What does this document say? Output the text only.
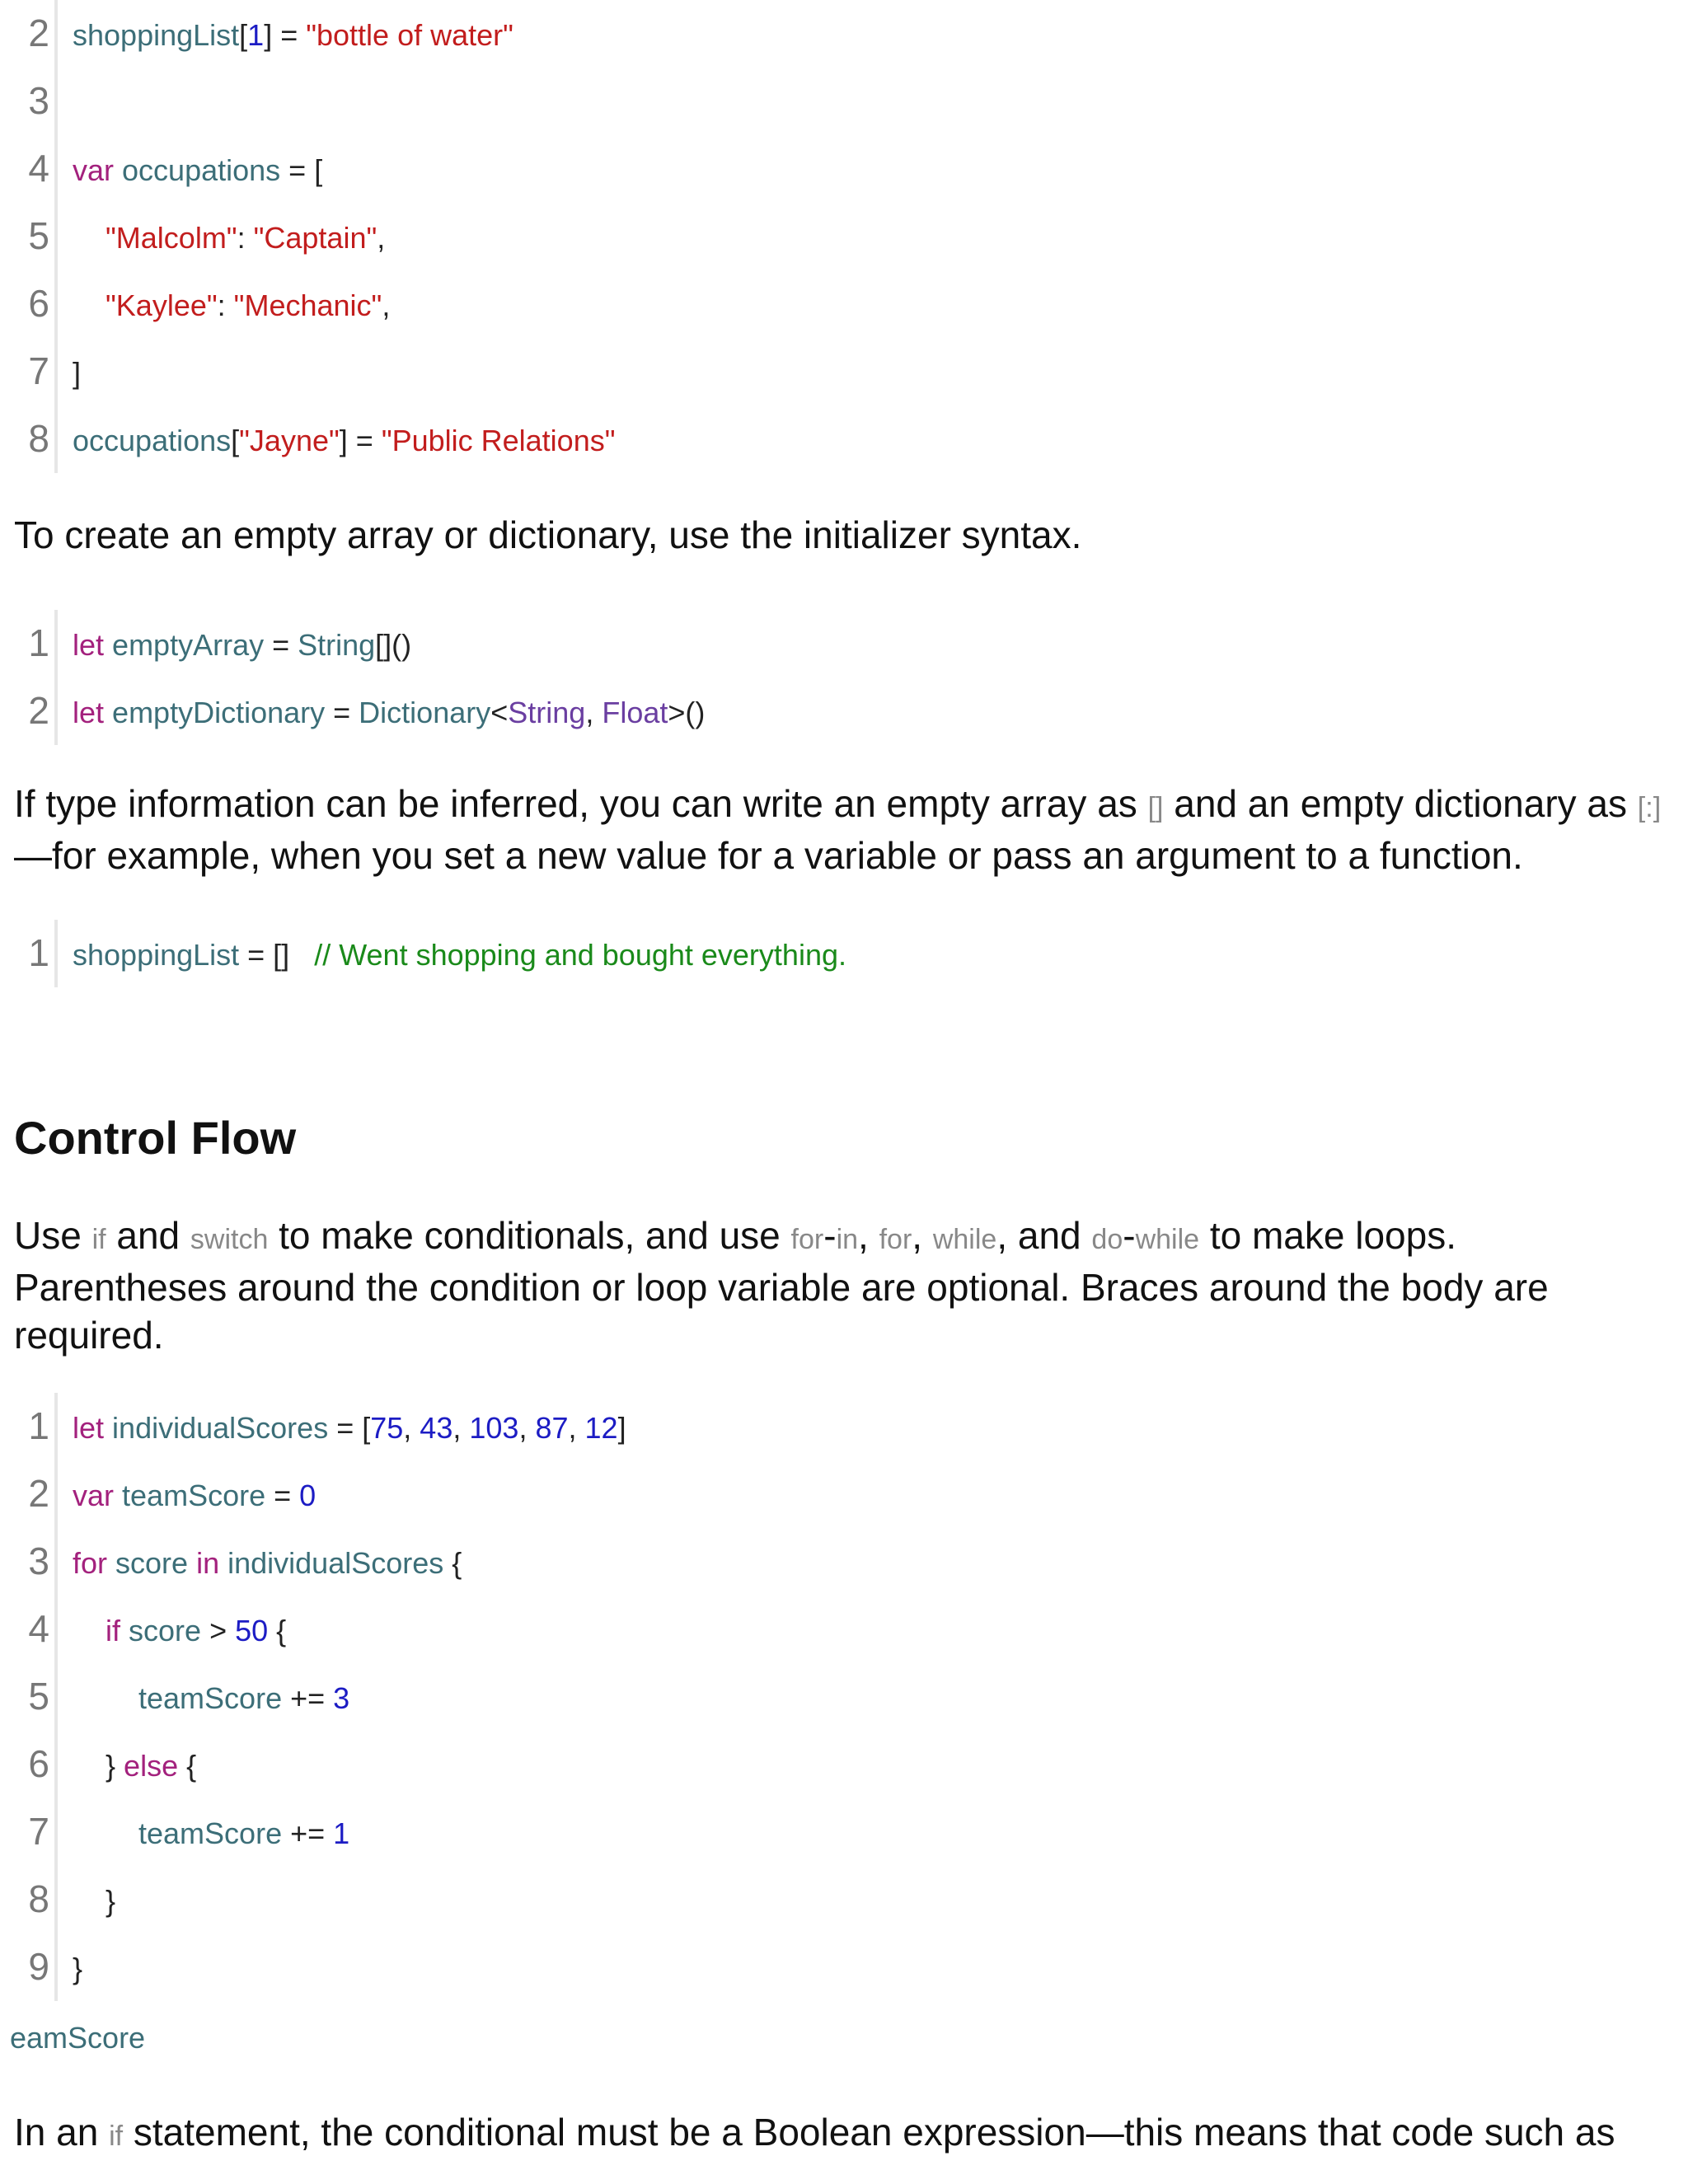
2 shoppingList[1] = "bottle of water"
3
4 var occupations = [
5	"Malcolm": "Captain",
6	"Kaylee": "Mechanic",
7 ]
8 occupations["Jayne"] = "Public Relations"

To create an empty array or dictionary, use the initializer syntax.

1 let emptyArray = String[]()
2 let emptyDictionary = Dictionary<String, Float>()

If type information can be inferred, you can write an empty array as [] and an empty dictionary as [:]—for example, when you set a new value for a variable or pass an argument to a function.

1 shoppingList = []   // Went shopping and bought everything.
Control Flow

Use if and switch to make conditionals, and use for-in, for, while, and do-while to make loops. Parentheses around the condition or loop variable are optional. Braces around the body are required.

1 let individualScores = [75, 43, 103, 87, 12]
2 var teamScore = 0
3 for score in individualScores {
4	if score > 50 {
5	teamScore += 3
6 } else {
7	teamScore += 1
8 }
9 }
eamScore

In an if statement, the conditional must be a Boolean expression—this means that code such as
